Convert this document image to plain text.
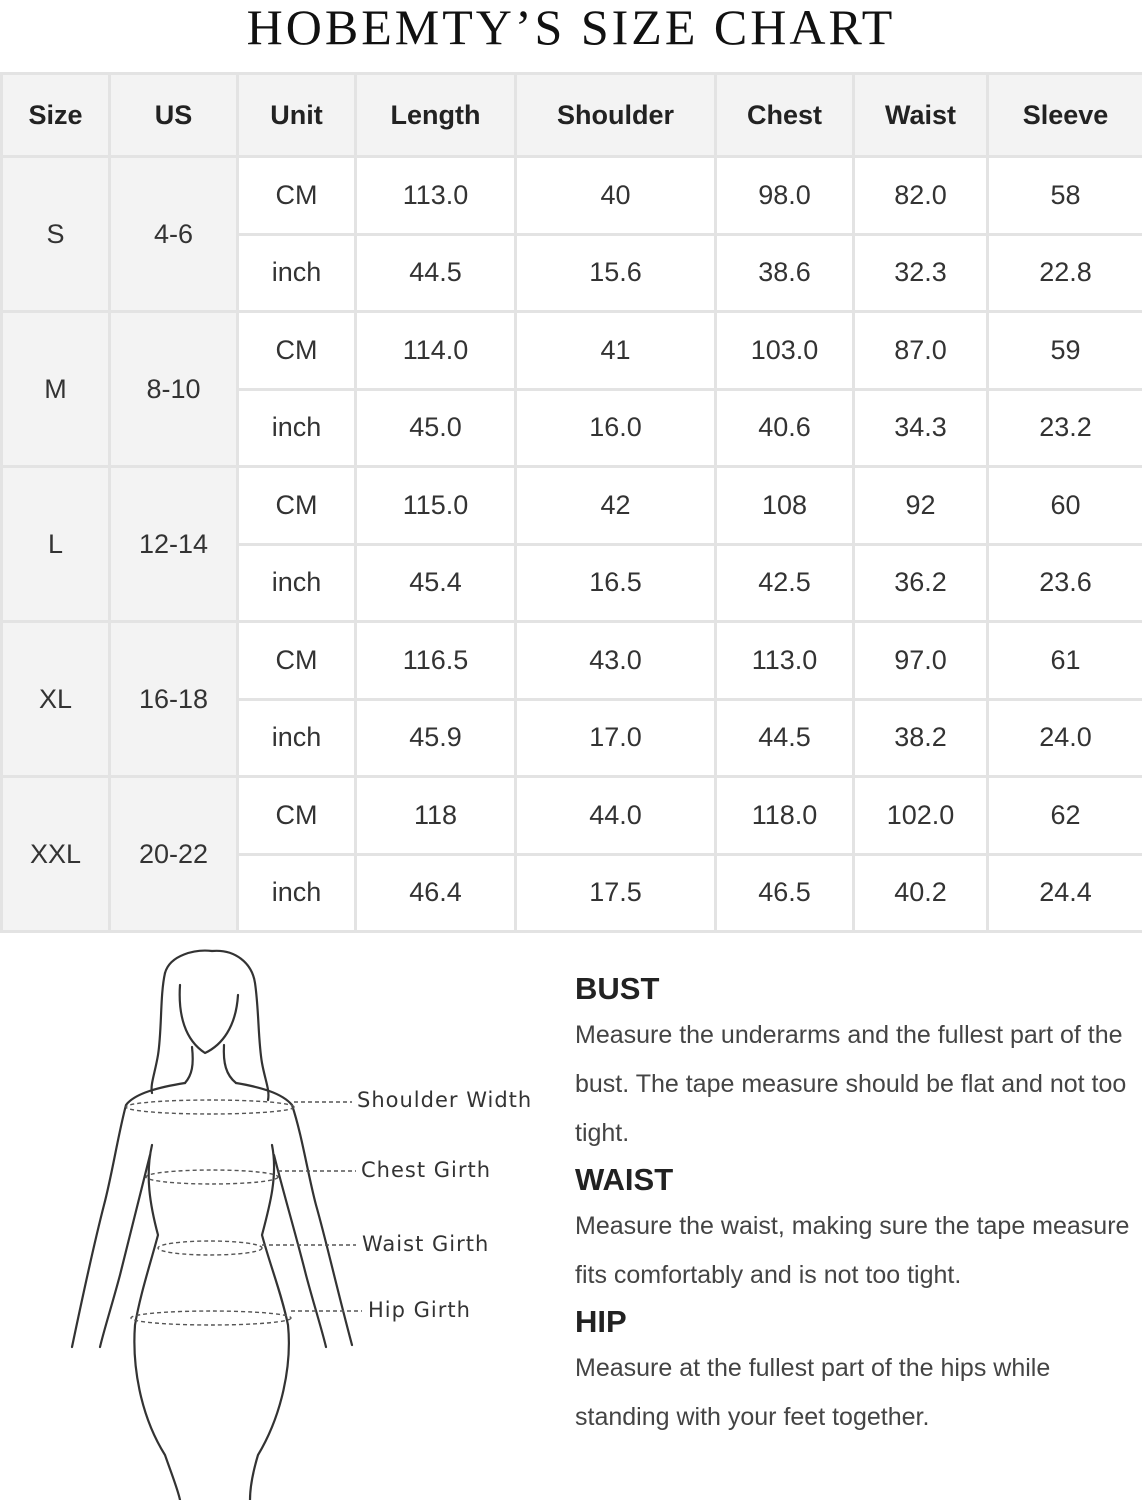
HOBEMTY’S SIZE CHART
Size	US	Unit	Length	Shoulder	Chest	Waist	Sleeve
S	4-6	CM	113.0	40	98.0	82.0	58
		inch	44.5	15.6	38.6	32.3	22.8
M	8-10	CM	114.0	41	103.0	87.0	59
		inch	45.0	16.0	40.6	34.3	23.2
L	12-14	CM	115.0	42	108	92	60
		inch	45.4	16.5	42.5	36.2	23.6
XL	16-18	CM	116.5	43.0	113.0	97.0	61
		inch	45.9	17.0	44.5	38.2	24.0
XXL	20-22	CM	118	44.0	118.0	102.0	62
		inch	46.4	17.5	46.5	40.2	24.4
Shoulder Width
Chest Girth
Waist Girth
Hip Girth
BUST

Measure the underarms and the fullest part of the bust. The tape measure should be flat and not too tight.

WAIST

Measure the waist, making sure the tape measure fits comfortably and is not too tight.

HIP

Measure at the fullest part of the hips while standing with your feet together.
